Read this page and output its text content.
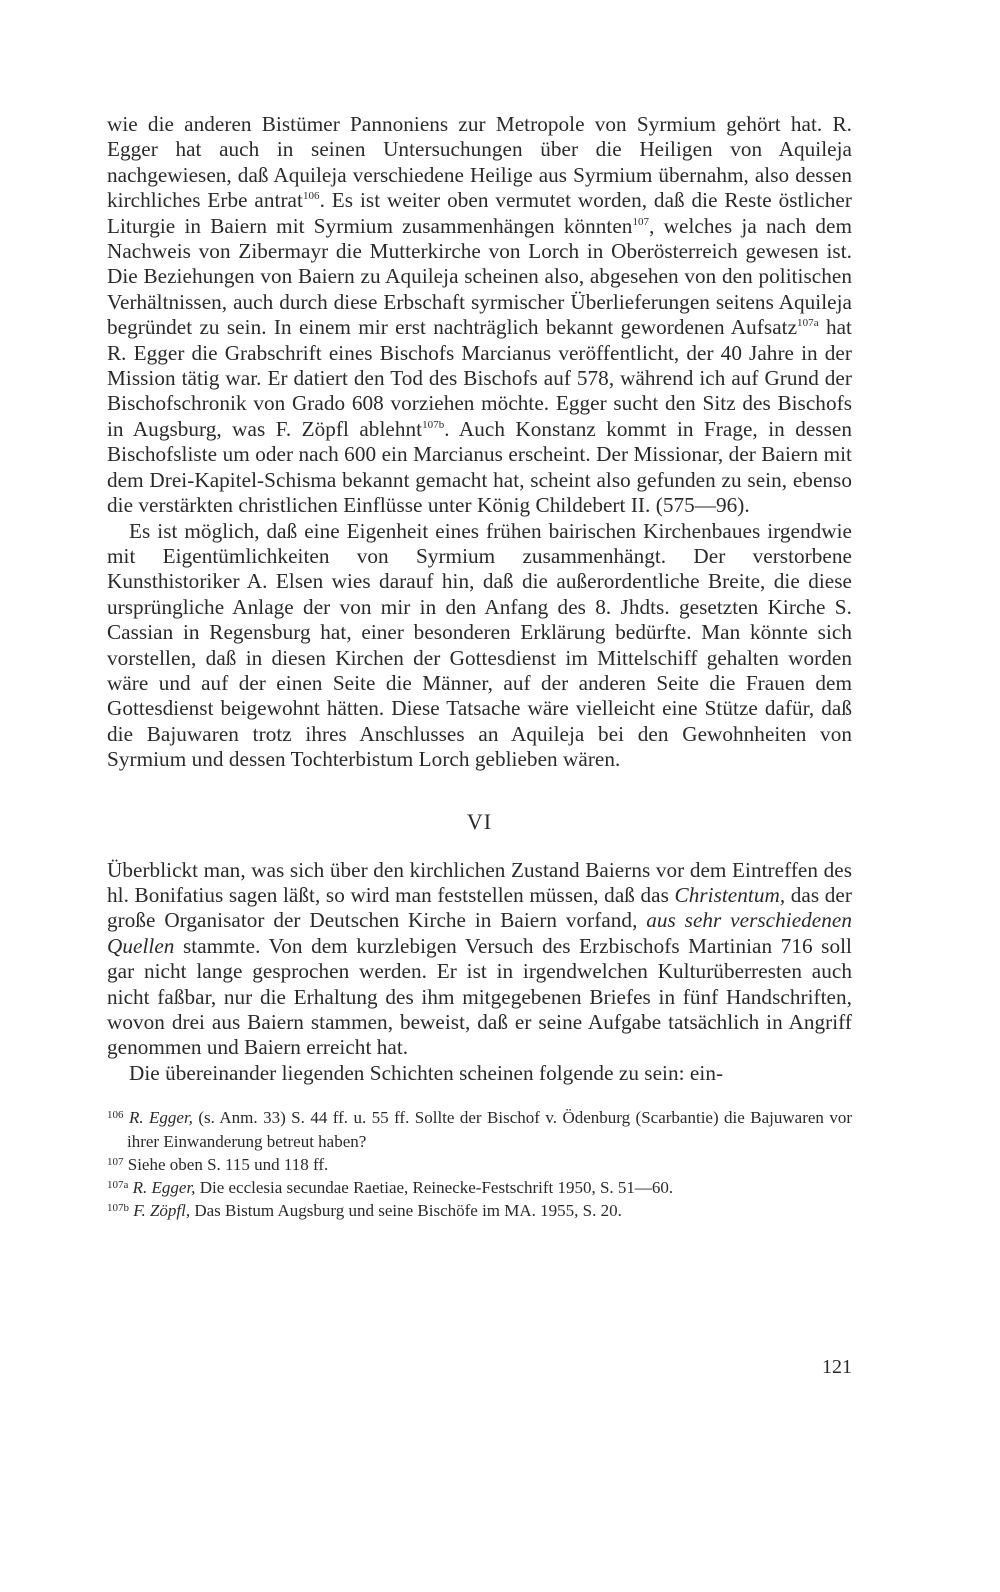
wie die anderen Bistümer Pannoniens zur Metropole von Syrmium gehört hat. R. Egger hat auch in seinen Untersuchungen über die Heiligen von Aquileja nachgewiesen, daß Aquileja verschiedene Heilige aus Syrmium übernahm, also dessen kirchliches Erbe antrat$^{106}$. Es ist weiter oben vermutet worden, daß die Reste östlicher Liturgie in Baiern mit Syrmium zusammenhängen könnten$^{107}$, welches ja nach dem Nachweis von Zibermayr die Mutterkirche von Lorch in Oberösterreich gewesen ist. Die Beziehungen von Baiern zu Aquileja scheinen also, abgesehen von den politischen Verhältnissen, auch durch diese Erbschaft syrmischer Überlieferungen seitens Aquileja begründet zu sein. In einem mir erst nachträglich bekannt gewordenen Aufsatz$^{107a}$ hat R. Egger die Grabschrift eines Bischofs Marcianus veröffentlicht, der 40 Jahre in der Mission tätig war. Er datiert den Tod des Bischofs auf 578, während ich auf Grund der Bischofschronik von Grado 608 vorziehen möchte. Egger sucht den Sitz des Bischofs in Augsburg, was F. Zöpfl ablehnt$^{107b}$. Auch Konstanz kommt in Frage, in dessen Bischofsliste um oder nach 600 ein Marcianus erscheint. Der Missionar, der Baiern mit dem Drei-Kapitel-Schisma bekannt gemacht hat, scheint also gefunden zu sein, ebenso die verstärkten christlichen Einflüsse unter König Childebert II. (575—96).

Es ist möglich, daß eine Eigenheit eines frühen bairischen Kirchenbaues irgendwie mit Eigentümlichkeiten von Syrmium zusammenhängt. Der verstorbene Kunsthistoriker A. Elsen wies darauf hin, daß die außerordentliche Breite, die diese ursprüngliche Anlage der von mir in den Anfang des 8. Jhdts. gesetzten Kirche S. Cassian in Regensburg hat, einer besonderen Erklärung bedürfte. Man könnte sich vorstellen, daß in diesen Kirchen der Gottesdienst im Mittelschiff gehalten worden wäre und auf der einen Seite die Männer, auf der anderen Seite die Frauen dem Gottesdienst beigewohnt hätten. Diese Tatsache wäre vielleicht eine Stütze dafür, daß die Bajuwaren trotz ihres Anschlusses an Aquileja bei den Gewohnheiten von Syrmium und dessen Tochterbistum Lorch geblieben wären.

VI

Überblickt man, was sich über den kirchlichen Zustand Baierns vor dem Eintreffen des hl. Bonifatius sagen läßt, so wird man feststellen müssen, daß das Christentum, das der große Organisator der Deutschen Kirche in Baiern vorfand, aus sehr verschiedenen Quellen stammte. Von dem kurzlebigen Versuch des Erzbischofs Martinian 716 soll gar nicht lange gesprochen werden. Er ist in irgendwelchen Kulturüberresten auch nicht faßbar, nur die Erhaltung des ihm mitgegebenen Briefes in fünf Handschriften, wovon drei aus Baiern stammen, beweist, daß er seine Aufgabe tatsächlich in Angriff genommen und Baiern erreicht hat.

Die übereinander liegenden Schichten scheinen folgende zu sein: ein-

$^{106}$ R. Egger, (s. Anm. 33) S. 44 ff. u. 55 ff. Sollte der Bischof v. Ödenburg (Scarbantie) die Bajuwaren vor ihrer Einwanderung betreut haben?

$^{107}$ Siehe oben S. 115 und 118 ff.

$^{107a}$ R. Egger, Die ecclesia secundae Raetiae, Reinecke-Festschrift 1950, S. 51—60.

$^{107b}$ F. Zöpfl, Das Bistum Augsburg und seine Bischöfe im MA. 1955, S. 20.

121
